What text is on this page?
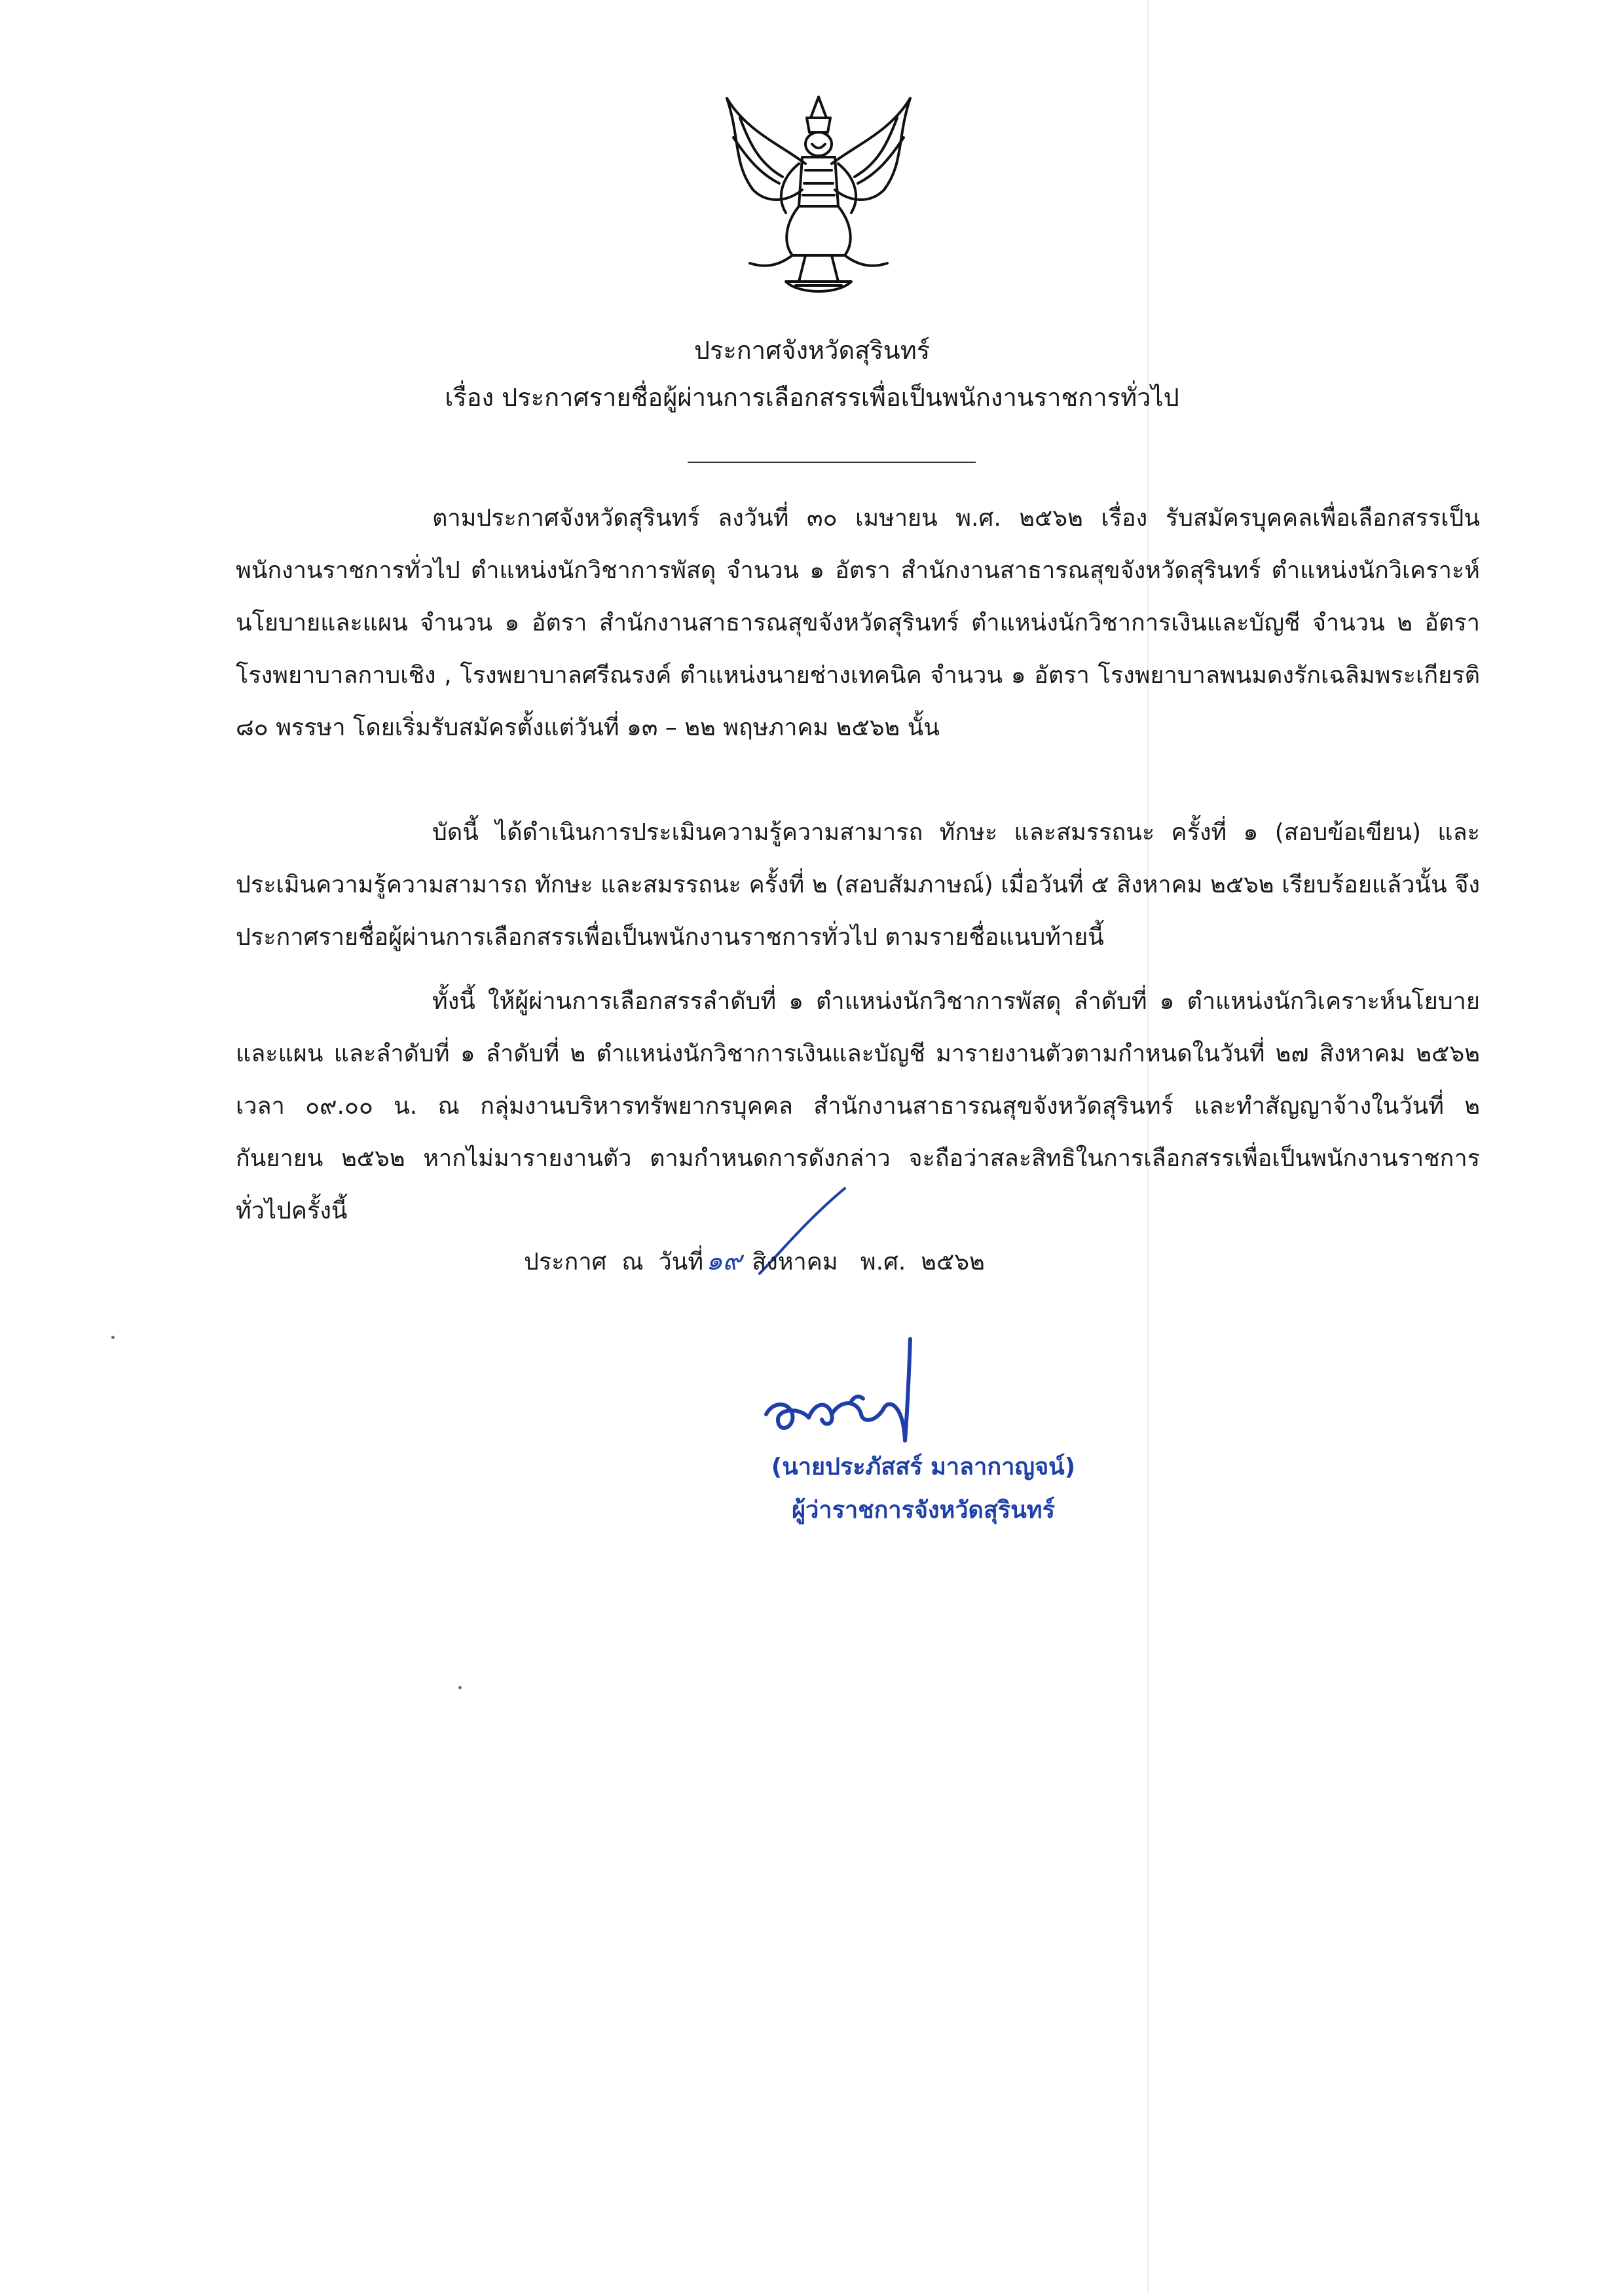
ประกาศจังหวัดสุรินทร์
เรื่อง ประกาศรายชื่อผู้ผ่านการเลือกสรรเพื่อเป็นพนักงานราชการทั่วไป

ตามประกาศจังหวัดสุรินทร์ ลงวันที่ ๓๐ เมษายน พ.ศ. ๒๕๖๒ เรื่อง รับสมัครบุคคลเพื่อเลือกสรรเป็นพนักงานราชการทั่วไป ตำแหน่งนักวิชาการพัสดุ จำนวน ๑ อัตรา สำนักงานสาธารณสุขจังหวัดสุรินทร์ ตำแหน่งนักวิเคราะห์นโยบายและแผน จำนวน ๑ อัตรา สำนักงานสาธารณสุขจังหวัดสุรินทร์ ตำแหน่งนักวิชาการเงินและบัญชี จำนวน ๒ อัตรา โรงพยาบาลกาบเชิง , โรงพยาบาลศรีณรงค์ ตำแหน่งนายช่างเทคนิค จำนวน ๑ อัตรา โรงพยาบาลพนมดงรักเฉลิมพระเกียรติ ๘๐ พรรษา โดยเริ่มรับสมัครตั้งแต่วันที่ ๑๓ – ๒๒ พฤษภาคม ๒๕๖๒ นั้น

บัดนี้ ได้ดำเนินการประเมินความรู้ความสามารถ ทักษะ และสมรรถนะ ครั้งที่ ๑ (สอบข้อเขียน) และประเมินความรู้ความสามารถ ทักษะ และสมรรถนะ ครั้งที่ ๒ (สอบสัมภาษณ์) เมื่อวันที่ ๕ สิงหาคม ๒๕๖๒ เรียบร้อยแล้วนั้น จึงประกาศรายชื่อผู้ผ่านการเลือกสรรเพื่อเป็นพนักงานราชการทั่วไป ตามรายชื่อแนบท้ายนี้

ทั้งนี้ ให้ผู้ผ่านการเลือกสรรลำดับที่ ๑ ตำแหน่งนักวิชาการพัสดุ ลำดับที่ ๑ ตำแหน่งนักวิเคราะห์นโยบายและแผน และลำดับที่ ๑ ลำดับที่ ๒ ตำแหน่งนักวิชาการเงินและบัญชี มารายงานตัวตามกำหนดในวันที่ ๒๗ สิงหาคม ๒๕๖๒ เวลา ๐๙.๐๐ น. ณ กลุ่มงานบริหารทรัพยากรบุคคล สำนักงานสาธารณสุขจังหวัดสุรินทร์ และทำสัญญาจ้างในวันที่ ๒ กันยายน ๒๕๖๒ หากไม่มารายงานตัว ตามกำหนดการดังกล่าว จะถือว่าสละสิทธิในการเลือกสรรเพื่อเป็นพนักงานราชการทั่วไปครั้งนี้

ประกาศ  ณ  วันที่ ๑๙ สิงหาคม   พ.ศ.  ๒๕๖๒
(นายประภัสสร์ มาลากาญจน์)
ผู้ว่าราชการจังหวัดสุรินทร์
